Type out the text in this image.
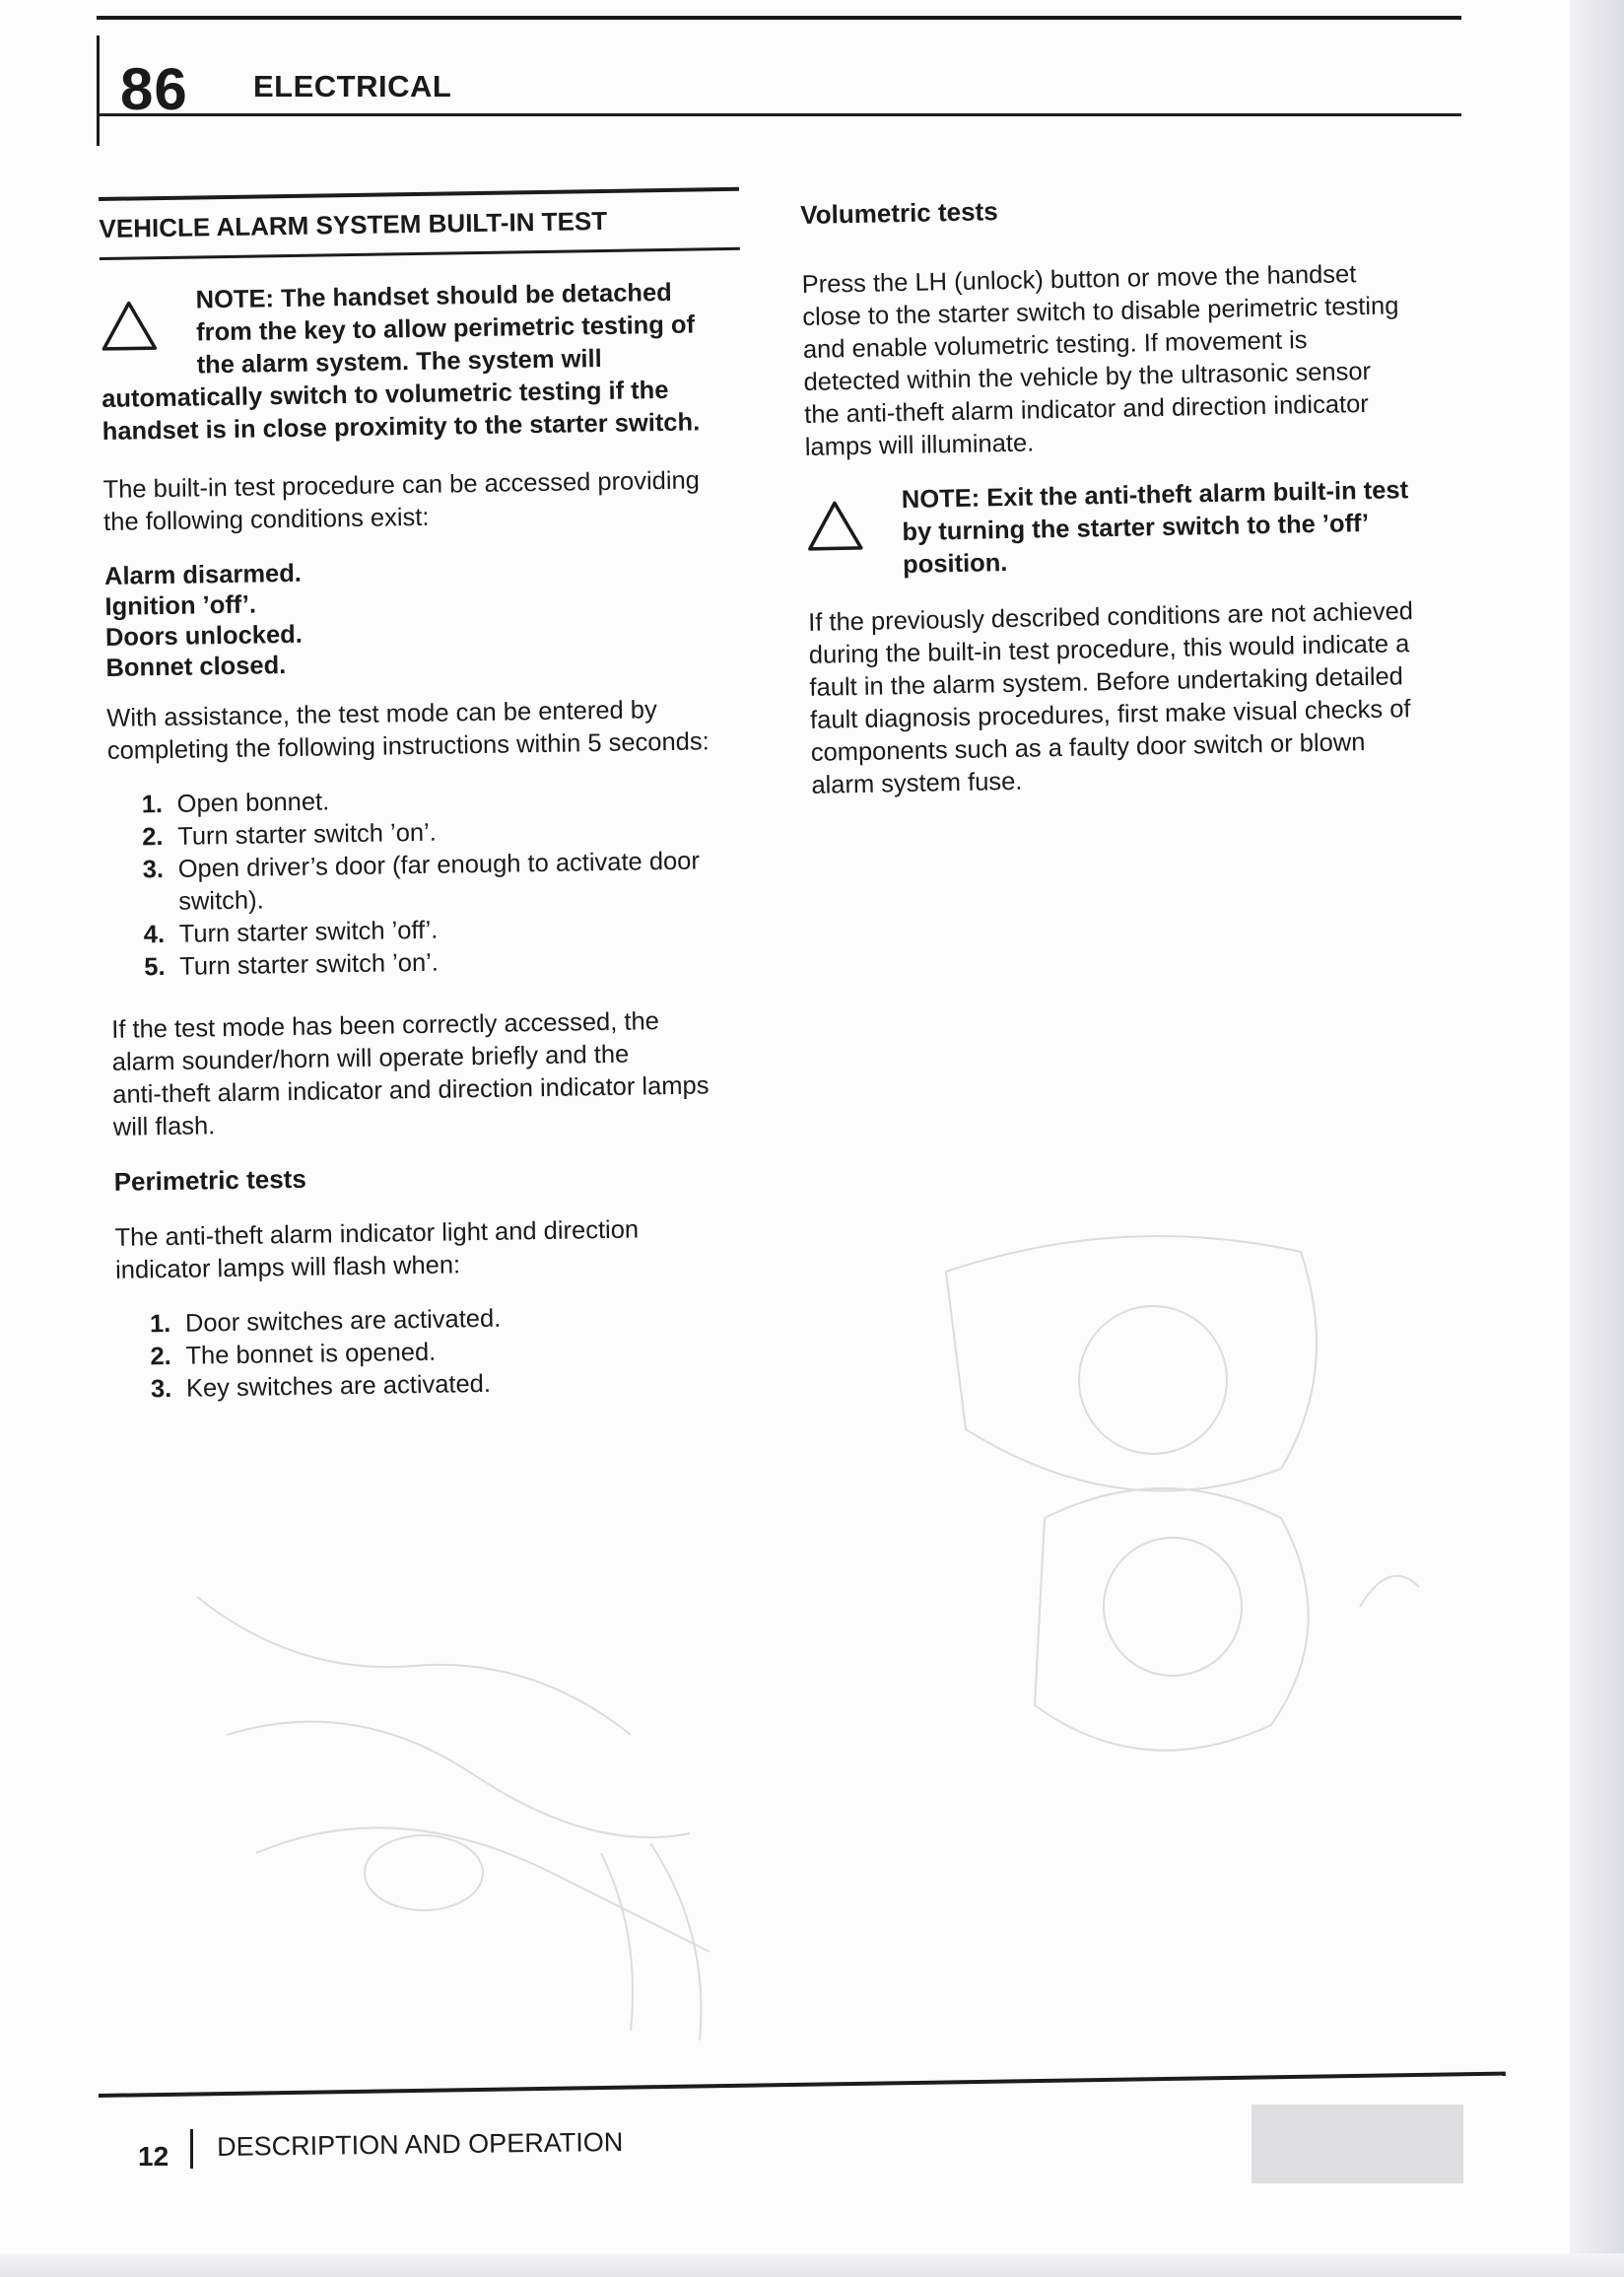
86 ELECTRICAL
VEHICLE ALARM SYSTEM BUILT-IN TEST
NOTE: The handset should be detached
from the key to allow perimetric testing of
the alarm system. The system will
automatically switch to volumetric testing if the
handset is in close proximity to the starter switch.

The built-in test procedure can be accessed providing
the following conditions exist:

Alarm disarmed.
Ignition ’off’.
Doors unlocked.
Bonnet closed.

With assistance, the test mode can be entered by
completing the following instructions within 5 seconds:

1. Open bonnet.
2. Turn starter switch ’on’.
3. Open driver’s door (far enough to activate door switch).
4. Turn starter switch ’off’.
5. Turn starter switch ’on’.

If the test mode has been correctly accessed, the
alarm sounder/horn will operate briefly and the
anti-theft alarm indicator and direction indicator lamps
will flash.

Perimetric tests

The anti-theft alarm indicator light and direction
indicator lamps will flash when:

1. Door switches are activated.
2. The bonnet is opened.
3. Key switches are activated.
Volumetric tests

Press the LH (unlock) button or move the handset
close to the starter switch to disable perimetric testing
and enable volumetric testing. If movement is
detected within the vehicle by the ultrasonic sensor
the anti-theft alarm indicator and direction indicator
lamps will illuminate.

NOTE: Exit the anti-theft alarm built-in test
by turning the starter switch to the ’off’
position.

If the previously described conditions are not achieved
during the built-in test procedure, this would indicate a
fault in the alarm system. Before undertaking detailed
fault diagnosis procedures, first make visual checks of
components such as a faulty door switch or blown
alarm system fuse.

12 DESCRIPTION AND OPERATION
